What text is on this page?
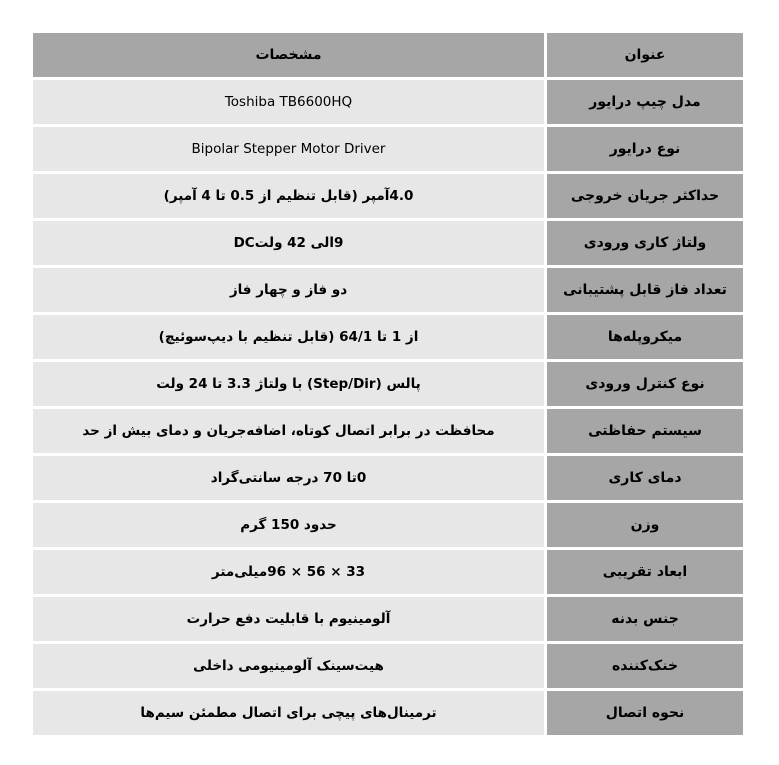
عنوان	مشخصات
مدل چیپ درایور	Toshiba TB6600HQ
نوع درایور	Bipolar Stepper Motor Driver
حداکثر جریان خروجی	4.0آمپر (قابل تنظیم از 0.5 تا 4 آمپر)
ولتاژ کاری ورودی	9الی 42 ولتDC
تعداد فاز قابل پشتیبانی	دو فاز و چهار فاز
میکروپله‌ها	از 1 تا 64/1 (قابل تنظیم با دیپ‌سوئیچ)
نوع کنترل ورودی	پالس (Step/Dir) با ولتاژ 3.3 تا 24 ولت
سیستم حفاظتی	محافظت در برابر اتصال کوتاه، اضافه‌جریان و دمای بیش از حد
دمای کاری	0تا 70 درجه سانتی‌گراد
وزن	حدود 150 گرم
ابعاد تقریبی	33 × 56 × 96میلی‌متر
جنس بدنه	آلومینیوم با قابلیت دفع حرارت
خنک‌کننده	هیت‌سینک آلومینیومی داخلی
نحوه اتصال	ترمینال‌های پیچی برای اتصال مطمئن سیم‌ها
